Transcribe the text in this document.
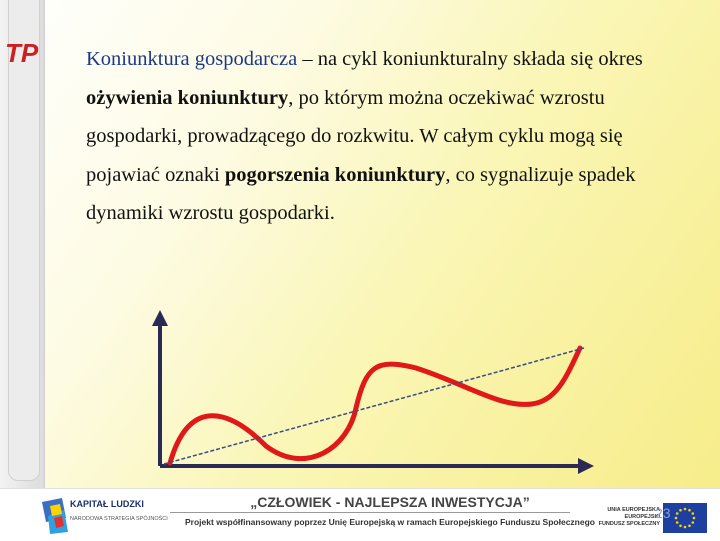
TP Koniunktura gospodarcza – na cykl koniunkturalny składa się okres ożywienia koniunktury, po którym można oczekiwać wzrostu gospodarki, prowadzącego do rozkwitu. W całym cyklu mogą się pojawiać oznaki pogorszenia koniunktury, co sygnalizuje spadek dynamiki wzrostu gospodarki.
KAPITAŁ LUDZKI
NARODOWA STRATEGIA SPÓJNOŚCI
„CZŁOWIEK - NAJLEPSZA INWESTYCJA”
Projekt współfinansowany poprzez Unię Europejską w ramach Europejskiego Funduszu Społecznego
UNIA EUROPEJSKA
EUROPEJSKI
FUNDUSZ SPOŁECZNY
23
